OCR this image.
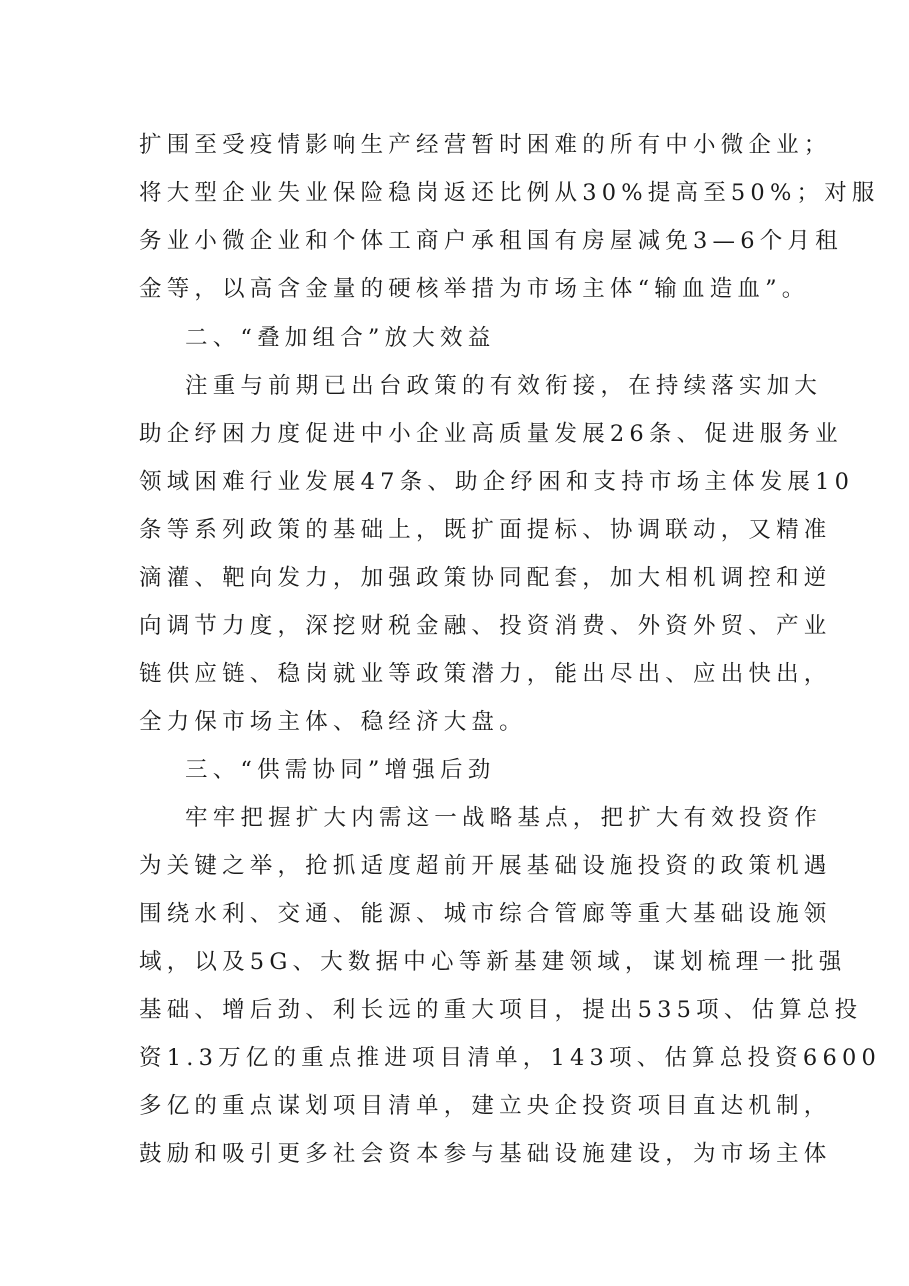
扩围至受疫情影响生产经营暂时困难的所有中小微企业；
将大型企业失业保险稳岗返还比例从30%提高至50%；对服
务业小微企业和个体工商户承租国有房屋减免3—6个月租
金等，以高含金量的硬核举措为市场主体“输血造血”。
二、“叠加组合”放大效益
注重与前期已出台政策的有效衔接，在持续落实加大
助企纾困力度促进中小企业高质量发展26条、促进服务业
领域困难行业发展47条、助企纾困和支持市场主体发展10
条等系列政策的基础上，既扩面提标、协调联动，又精准
滴灌、靶向发力，加强政策协同配套，加大相机调控和逆
向调节力度，深挖财税金融、投资消费、外资外贸、产业
链供应链、稳岗就业等政策潜力，能出尽出、应出快出，
全力保市场主体、稳经济大盘。
三、“供需协同”增强后劲
牢牢把握扩大内需这一战略基点，把扩大有效投资作
为关键之举，抢抓适度超前开展基础设施投资的政策机遇
围绕水利、交通、能源、城市综合管廊等重大基础设施领
域，以及5G、大数据中心等新基建领域，谋划梳理一批强
基础、增后劲、利长远的重大项目，提出535项、估算总投
资1.3万亿的重点推进项目清单，143项、估算总投资6600
多亿的重点谋划项目清单，建立央企投资项目直达机制，
鼓励和吸引更多社会资本参与基础设施建设，为市场主体
